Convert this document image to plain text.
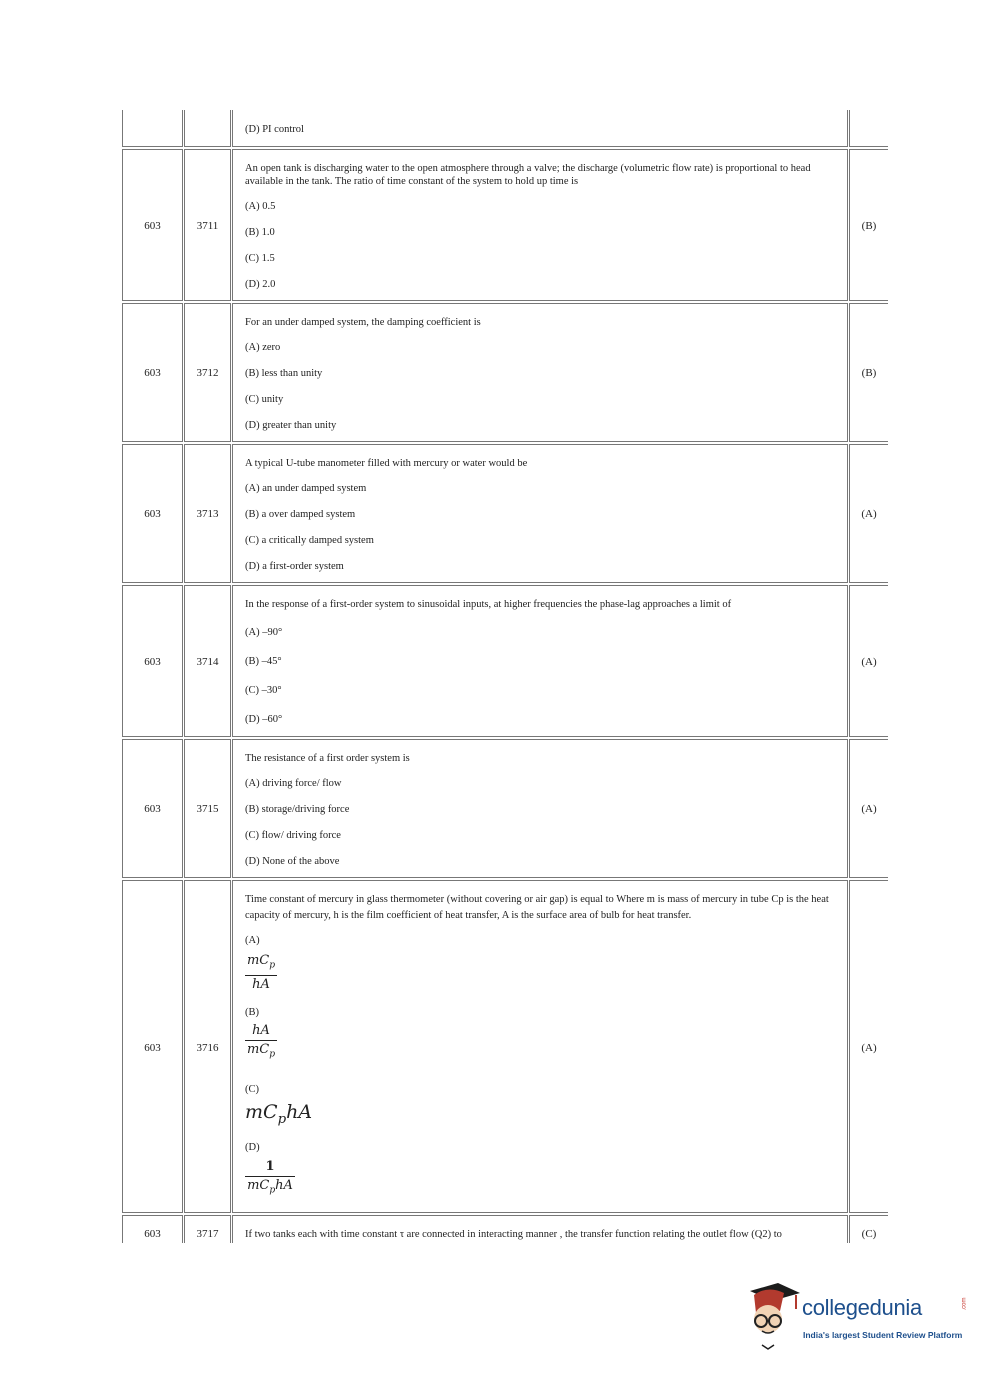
(D) PI control
603	3711
An open tank is discharging water to the open atmosphere through a valve; the discharge (volumetric flow rate) is proportional to head available in the tank. The ratio of time constant of the system to hold up time is
(A) 0.5
(B) 1.0
(C) 1.5
(D) 2.0
(B)
603	3712
For an under damped system, the damping coefficient is
(A) zero
(B) less than unity
(C) unity
(D) greater than unity
(B)
603	3713
A typical U-tube manometer filled with mercury or water would be
(A) an under damped system
(B) a over damped system
(C) a critically damped system
(D) a first-order system
(A)
603	3714
In the response of a first-order system to sinusoidal inputs, at higher frequencies the phase-lag approaches a limit of
(A) –90°
(B) –45°
(C) –30°
(D) –60°
(A)
603	3715
The resistance of a first order system is
(A) driving force/ flow
(B) storage/driving force
(C) flow/ driving force
(D) None of the above
(A)
603	3716
Time constant of mercury in glass thermometer (without covering or air gap) is equal to Where m is mass of mercury in tube Cp is the heat capacity of mercury, h is the film coefficient of heat transfer, A is the surface area of bulb for heat transfer.
(A)
$mC_p$
hA
(B)
hA
$mC_p$
(C)
$mC_phA$
(D)
1
$mC_phA$
(A)
603	3717	If two tanks each with time constant τ are connected in interacting manner , the transfer function relating the outlet flow (Q2) to	(C)
collegedunia	.com
India's largest Student Review Platform
